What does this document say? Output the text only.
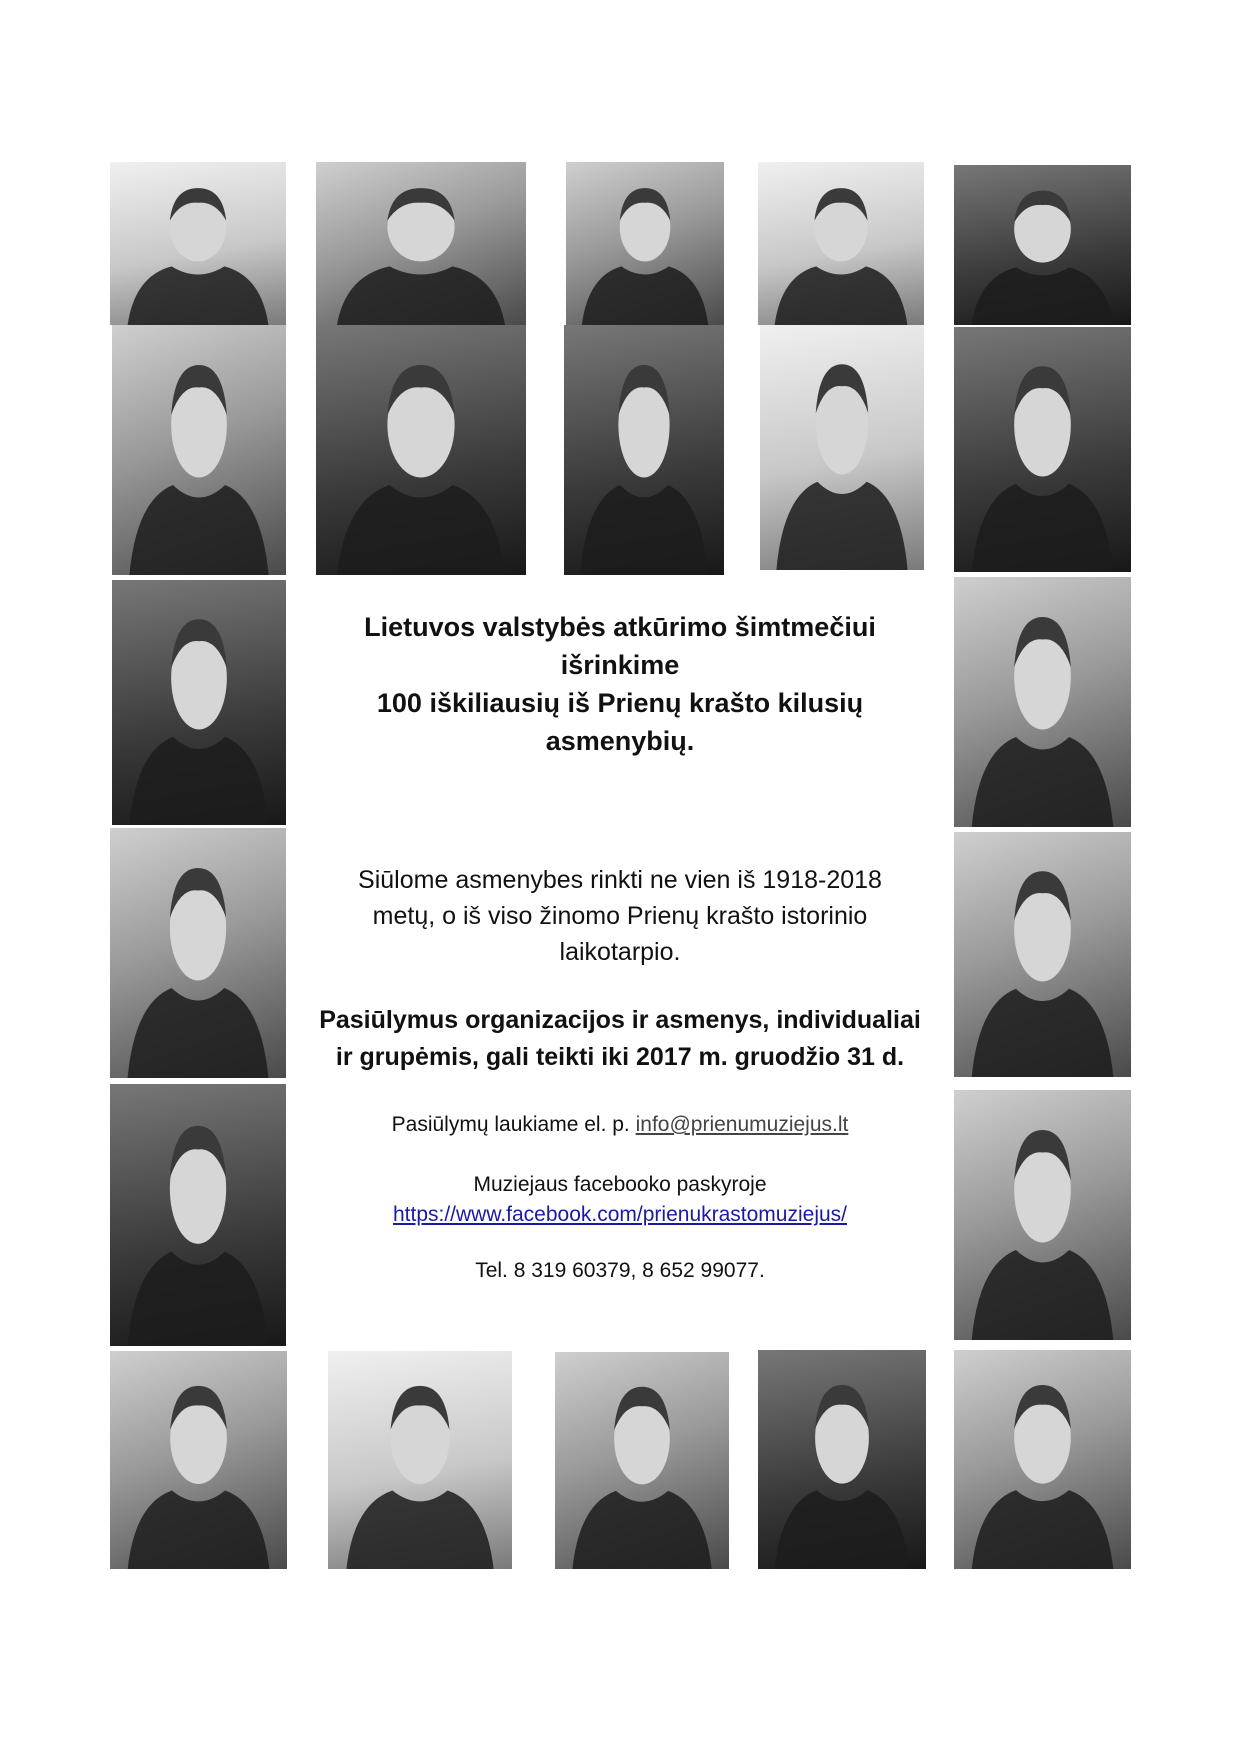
Lietuvos valstybės atkūrimo šimtmečiui
išrinkime
100 iškiliausių iš Prienų krašto kilusių
asmenybių.
Siūlome asmenybes rinkti ne vien iš 1918-2018
metų, o iš viso žinomo Prienų krašto istorinio
laikotarpio.
Pasiūlymus organizacijos ir asmenys, individualiai
ir grupėmis, gali teikti iki 2017 m. gruodžio 31 d.
Pasiūlymų laukiame el. p. info@prienumuziejus.lt
Muziejaus facebooko paskyroje
https://www.facebook.com/prienukrastomuziejus/
Tel. 8 319 60379, 8 652 99077.
